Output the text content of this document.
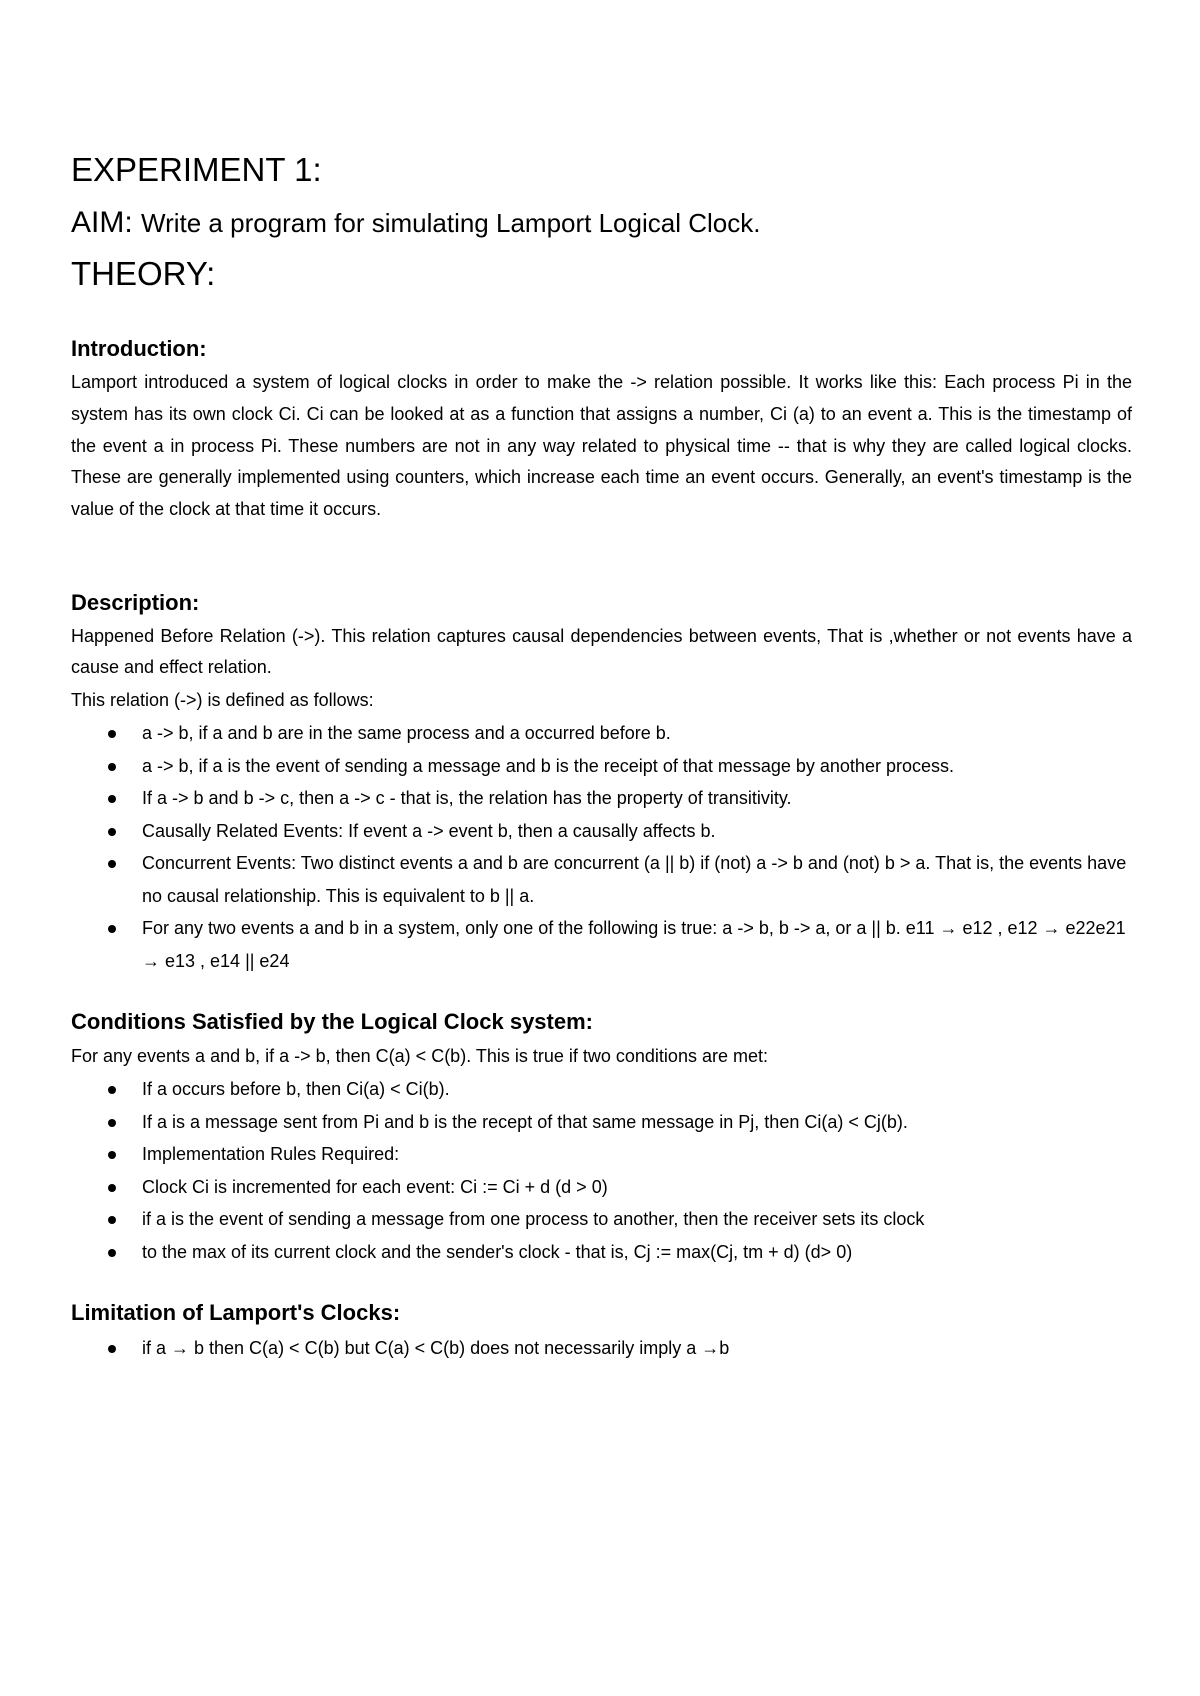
EXPERIMENT 1:
AIM: Write a program for simulating Lamport Logical Clock.
THEORY:
Introduction:
Lamport introduced a system of logical clocks in order to make the -> relation possible. It works like this: Each process Pi in the system has its own clock Ci. Ci can be looked at as a function that assigns a number, Ci (a) to an event a. This is the timestamp of the event a in process Pi. These numbers are not in any way related to physical time -- that is why they are called logical clocks. These are generally implemented using counters, which increase each time an event occurs. Generally, an event's timestamp is the value of the clock at that time it occurs.
Description:
Happened Before Relation (->). This relation captures causal dependencies between events, That is ,whether or not events have a cause and effect relation.
This relation (->) is defined as follows:
a -> b, if a and b are in the same process and a occurred before b.
a -> b, if a is the event of sending a message and b is the receipt of that message by another process.
If a -> b and b -> c, then a -> c - that is, the relation has the property of transitivity.
Causally Related Events: If event a -> event b, then a causally affects b.
Concurrent Events: Two distinct events a and b are concurrent (a || b) if (not) a -> b and (not) b > a. That is, the events have no causal relationship. This is equivalent to b || a.
For any two events a and b in a system, only one of the following is true: a -> b, b -> a, or a || b. e11 → e12 , e12 → e22e21 → e13 , e14 || e24
Conditions Satisfied by the Logical Clock system:
For any events a and b, if a -> b, then C(a) < C(b). This is true if two conditions are met:
If a occurs before b, then Ci(a) < Ci(b).
If a is a message sent from Pi and b is the recept of that same message in Pj, then Ci(a) < Cj(b).
Implementation Rules Required:
Clock Ci is incremented for each event: Ci := Ci + d (d > 0)
if a is the event of sending a message from one process to another, then the receiver sets its clock
to the max of its current clock and the sender's clock - that is, Cj := max(Cj, tm + d) (d> 0)
Limitation of Lamport's Clocks:
if a → b then C(a) < C(b) but C(a) < C(b) does not necessarily imply a →b
